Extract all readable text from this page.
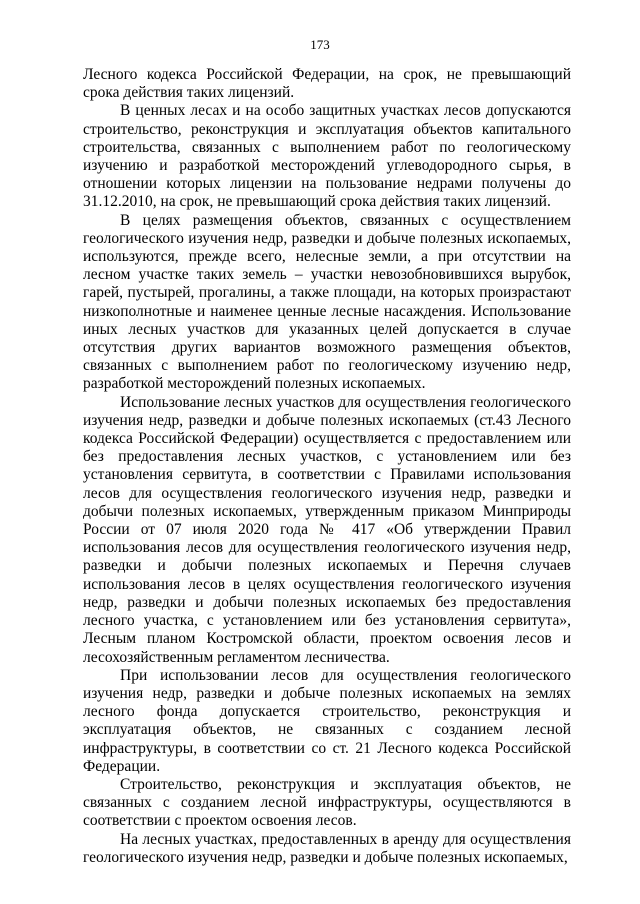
173

Лесного кодекса Российской Федерации, на срок, не превышающий срока действия таких лицензий.

В ценных лесах и на особо защитных участках лесов допускаются строительство, реконструкция и эксплуатация объектов капитального строительства, связанных с выполнением работ по геологическому изучению и разработкой месторождений углеводородного сырья, в отношении которых лицензии на пользование недрами получены до 31.12.2010, на срок, не превышающий срока действия таких лицензий.

В целях размещения объектов, связанных с осуществлением геологического изучения недр, разведки и добыче полезных ископаемых, используются, прежде всего, нелесные земли, а при отсутствии на лесном участке таких земель – участки невозобновившихся вырубок, гарей, пустырей, прогалины, а также площади, на которых произрастают низкополнотные и наименее ценные лесные насаждения. Использование иных лесных участков для указанных целей допускается в случае отсутствия других вариантов возможного размещения объектов, связанных с выполнением работ по геологическому изучению недр, разработкой месторождений полезных ископаемых.

Использование лесных участков для осуществления геологического изучения недр, разведки и добыче полезных ископаемых (ст.43 Лесного кодекса Российской Федерации) осуществляется с предоставлением или без предоставления лесных участков, с установлением или без установления сервитута, в соответствии с Правилами использования лесов для осуществления геологического изучения недр, разведки и добычи полезных ископаемых, утвержденным приказом Минприроды России от 07 июля 2020 года № 417 «Об утверждении Правил использования лесов для осуществления геологического изучения недр, разведки и добычи полезных ископаемых и Перечня случаев использования лесов в целях осуществления геологического изучения недр, разведки и добычи полезных ископаемых без предоставления лесного участка, с установлением или без установления сервитута», Лесным планом Костромской области, проектом освоения лесов и лесохозяйственным регламентом лесничества.

При использовании лесов для осуществления геологического изучения недр, разведки и добыче полезных ископаемых на землях лесного фонда допускается строительство, реконструкция и эксплуатация объектов, не связанных с созданием лесной инфраструктуры, в соответствии со ст. 21 Лесного кодекса Российской Федерации.

Строительство, реконструкция и эксплуатация объектов, не связанных с созданием лесной инфраструктуры, осуществляются в соответствии с проектом освоения лесов.

На лесных участках, предоставленных в аренду для осуществления геологического изучения недр, разведки и добыче полезных ископаемых,
